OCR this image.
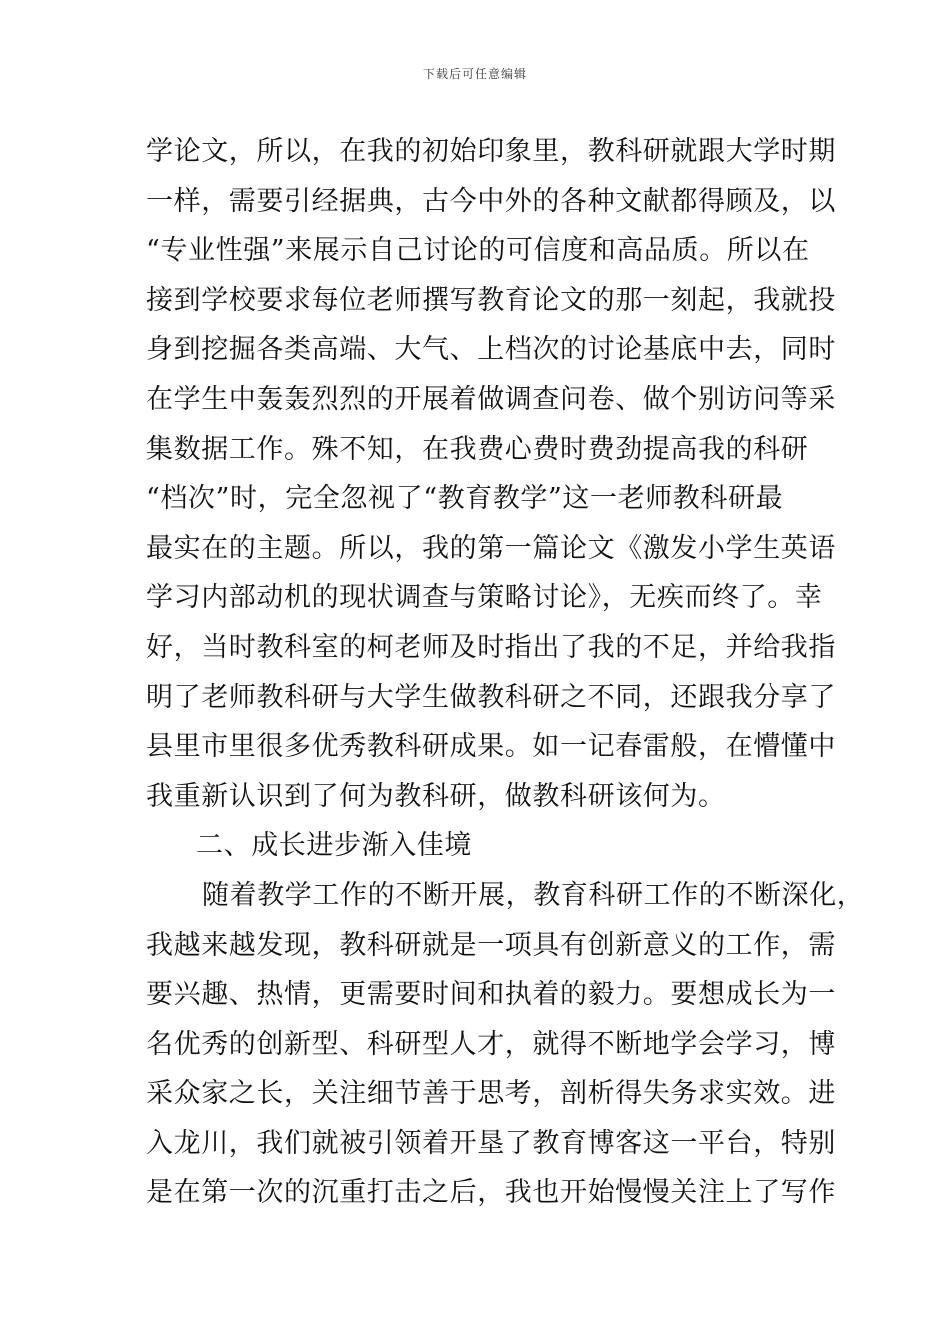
下载后可任意编辑
学论文，所以，在我的初始印象里，教科研就跟大学时期
一样，需要引经据典，古今中外的各种文献都得顾及，以
“专业性强”来展示自己讨论的可信度和高品质。所以在
接到学校要求每位老师撰写教育论文的那一刻起，我就投
身到挖掘各类高端、大气、上档次的讨论基底中去，同时
在学生中轰轰烈烈的开展着做调查问卷、做个别访问等采
集数据工作。殊不知，在我费心费时费劲提高我的科研
“档次”时，完全忽视了“教育教学”这一老师教科研最
最实在的主题。所以，我的第一篇论文《激发小学生英语
学习内部动机的现状调查与策略讨论》，无疾而终了。幸
好，当时教科室的柯老师及时指出了我的不足，并给我指
明了老师教科研与大学生做教科研之不同，还跟我分享了
县里市里很多优秀教科研成果。如一记春雷般，在懵懂中
我重新认识到了何为教科研，做教科研该何为。
二、成长进步渐入佳境
随着教学工作的不断开展，教育科研工作的不断深化，
我越来越发现，教科研就是一项具有创新意义的工作，需
要兴趣、热情，更需要时间和执着的毅力。要想成长为一
名优秀的创新型、科研型人才，就得不断地学会学习，博
采众家之长，关注细节善于思考，剖析得失务求实效。进
入龙川，我们就被引领着开垦了教育博客这一平台，特别
是在第一次的沉重打击之后，我也开始慢慢关注上了写作
